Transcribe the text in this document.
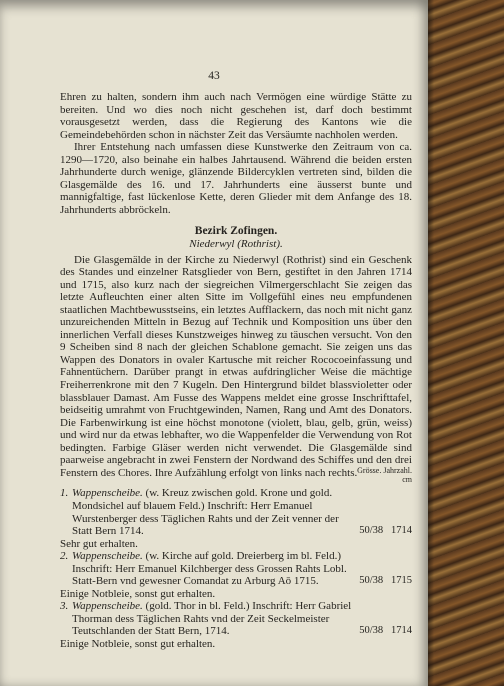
43

Ehren zu halten, sondern ihm auch nach Vermögen eine würdige Stätte zu bereiten. Und wo dies noch nicht geschehen ist, darf doch bestimmt vorausgesetzt werden, dass die Regierung des Kantons wie die Gemeindebehörden schon in nächster Zeit das Versäumte nachholen werden.

Ihrer Entstehung nach umfassen diese Kunstwerke den Zeitraum von ca. 1290—1720, also beinahe ein halbes Jahrtausend. Während die beiden ersten Jahrhunderte durch wenige, glänzende Bildercyklen vertreten sind, bilden die Glasgemälde des 16. und 17. Jahrhunderts eine äusserst bunte und mannigfaltige, fast lückenlose Kette, deren Glieder mit dem Anfange des 18. Jahrhunderts abbröckeln.

Bezirk Zofingen.
Niederwyl (Rothrist).

Die Glasgemälde in der Kirche zu Niederwyl (Rothrist) sind ein Geschenk des Standes und einzelner Ratsglieder von Bern, gestiftet in den Jahren 1714 und 1715, also kurz nach der siegreichen Vilmergerschlacht Sie zeigen das letzte Aufleuchten einer alten Sitte im Vollgefühl eines neu empfundenen staatlichen Machtbewusstseins, ein letztes Aufflackern, das noch mit nicht ganz unzureichenden Mitteln in Bezug auf Technik und Komposition uns über den innerlichen Verfall dieses Kunstzweiges hinweg zu täuschen versucht. Von den 9 Scheiben sind 8 nach der gleichen Schablone gemacht. Sie zeigen uns das Wappen des Donators in ovaler Kartusche mit reicher Rococoeinfassung und Fahnentüchern. Darüber prangt in etwas aufdringlicher Weise die mächtige Freiherrenkrone mit den 7 Kugeln. Den Hintergrund bildet blassvioletter oder blassblauer Damast. Am Fusse des Wappens meldet eine grosse Inschrifttafel, beidseitig umrahmt von Fruchtgewinden, Namen, Rang und Amt des Donators. Die Farbenwirkung ist eine höchst monotone (violett, blau, gelb, grün, weiss) und wird nur da etwas lebhafter, wo die Wappenfelder die Verwendung von Rot bedingten. Farbige Gläser werden nicht verwendet. Die Glasgemälde sind paarweise angebracht in zwei Fenstern der Nordwand des Schiffes und den drei Fenstern des Chores. Ihre Aufzählung erfolgt von links nach rechts. Grösse. Jahrzahl.
cm
1. Wappenscheibe. (w. Kreuz zwischen gold. Krone und gold. Mondsichel auf blauem Feld.) Inschrift: Herr Emanuel Wurstenberger dess Täglichen Rahts und der Zeit venner der Statt Bern 1714.	50/38 1714
Sehr gut erhalten.
2. Wappenscheibe. (w. Kirche auf gold. Dreierberg im bl. Feld.) Inschrift: Herr Emanuel Kilchberger dess Grossen Rahts Lobl. Statt-Bern vnd gewesner Comandat zu Arburg Aō 1715.	50/38 1715
Einige Notbleie, sonst gut erhalten.
3. Wappenscheibe. (gold. Thor in bl. Feld.) Inschrift: Herr Gabriel Thorman dess Täglichen Rahts vnd der Zeit Seckelmeister Teutschlanden der Statt Bern, 1714.	50/38 1714
Einige Notbleie, sonst gut erhalten.
